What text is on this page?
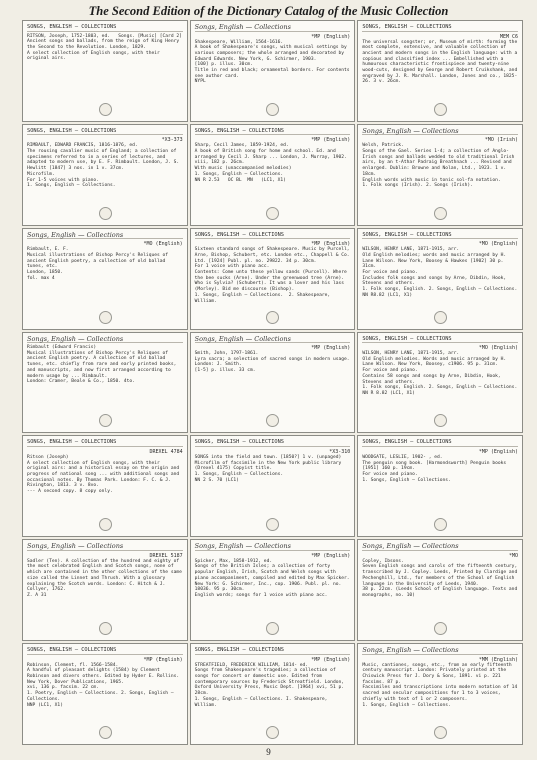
The Second Edition of the Dictionary Catalog of the Music Collection
SONGS, ENGLISH — COLLECTIONS
RITSON, Joseph, 1752-1803, ed.   Songs. [Music] [Card 2]
Ancient songs and ballads, from the reign of King Henry the Second to the Revolution. London, 1829.
A select collection of English songs, with their original airs.
Songs, English — Collections
*MP (English)
Shakespeare, William, 1564-1616.
A book of Shakespeare's songs, with musical settings by various composers; the whole arranged and decorated by Edward Edwards. New York, G. Schirmer, 1903.
[100] p. illus. 30cm.
Title in red and black; ornamental borders. For contents see author card.
NYPL
SONGS, ENGLISH — COLLECTIONS
MEM C6
The universal songster; or, Museum of mirth: forming the most complete, extensive, and valuable collection of ancient and modern songs in the English language: with a copious and classified index ... Embellished with a humourous characteristic frontispiece and twenty-nine wood-cuts, designed by George and Robert Cruikshank, and engraved by J. R. Marshall. London, Jones and co., 1825-26. 3 v. 26cm.
SONGS, ENGLISH — COLLECTIONS
*X3-373
RIMBAULT, EDWARD FRANCIS, 1816-1876, ed.
The rousing cavalier music of England; a collection of specimens referred to in a series of lectures, and adapted to modern use, by E. F. Rimbault. London, J. S. Hewlitt [1847] 3 nos. in 1 v. 37cm.
Microfilm.
For 1-5 voices with piano.
1. Songs, English — Collections.
SONGS, ENGLISH — COLLECTIONS
*MP (English)
Sharp, Cecil James, 1859-1924, ed.
A book of British song for home and school. Ed. and arranged by Cecil J. Sharp ... London, J. Murray, 1902. viii, 182 p. 26cm.
With music (unaccompanied melodies)
1. Songs, English — Collections.
NN R 2.53   OC BL  MN   (LC1, X1)
Songs, English — Collections
*MO (Irish)
Welsh, Patrick.
Songs of the Gael. Series 1-4; a collection of Anglo-Irish songs and ballads wedded to old traditional Irish airs, by an t-Athar Padraig Breathnach ... Revised and enlarged. Dublin: Browne and Nolan, Ltd., 1923. 1 v. 18cm.
English words with music in tonic sol-fa notation.
1. Folk songs (Irish). 2. Songs (Irish).
Songs, English — Collections
*MO (English)
Rimbault, E. F.
Musical illustrations of Bishop Percy's Reliques of ancient English poetry, a collection of old ballad tunes, etc.
London, 1850.
fol. max 4
SONGS, ENGLISH — COLLECTIONS
*MP (English)
Sixteen standard songs of Shakespeare. Music by Purcell, Arne, Bishop, Schubert, etc. London etc., Chappell & Co. Ltd. [1924] Publ. pl. no. 29822. 34 p. 30cm.
For 1 voice with piano acc.
Contents: Come unto these yellow sands (Purcell). Where the bee sucks (Arne). Under the greenwood tree (Arne). Who is Sylvia? (Schubert). It was a lover and his lass (Morley). Bid me discourse (Bishop).
1. Songs, English — Collections.  2. Shakespeare, William.
SONGS, ENGLISH — COLLECTIONS
*MO (English)
WILSON, HENRY LANE, 1871-1915, arr.
Old English melodies; words and music arranged by H. Lane Wilson. New York, Boosey & Hawkes [1902] 30 p. 31cm.
For voice and piano.
Includes folk songs and songs by Arne, Dibdin, Hook, Stevens and others.
1. Folk songs, English. 2. Songs, English — Collections.
NN R8.82 (LC1, X1)
Songs, English — Collections
Rimbault (Edward Francis)
Musical illustrations of Bishop Percy's Reliques of ancient English poetry. A collection of old ballad tunes, etc. chiefly from rare and early printed books, and manuscripts, and now first arranged according to modern usage by ... Rimbault.
London: Cramer, Beale & Co., 1850. 4to.
Songs, English — Collections
*MP (English)
Smith, John, 1797-1861.
Lyra sacra; a selection of sacred songs in modern usage. London: J. Smith.
[1-5] p. illus. 33 cm.
SONGS, ENGLISH — COLLECTIONS
*MO (English)
WILSON, HENRY LANE, 1871-1915, arr.
Old English melodies. Words and music arranged by H. Lane Wilson. New York, Boosey, c1906. 95 p. 31cm.
For voice and piano.
Contains 58 songs and songs by Arne, Dibdin, Hook, Stevens and others.
1. Folk songs, English. 2. Songs, English — Collections.
NN R 8.82 (LC1, X1)
SONGS, ENGLISH — COLLECTIONS
DREXEL 4784
Ritson (Joseph)
A select collection of English songs, with their original airs: and a historical essay on the origin and progress of national song ... with additional songs and occasional notes. By Thomas Park. London: F. C. & J. Rivington, 1813. 3 v. 8vo.
--- A second copy. 8 copy only.
SONGS, ENGLISH — COLLECTIONS
*X3-310
SONGS into the field and town. [1850?] 1 v. (unpaged)
Microfilm of facsimile in the New York public library (Drexel 4175) Copyist title.
1. Songs, English — Collections.
NN 2 S. 70 (LC1)
SONGS, ENGLISH — COLLECTIONS
*MP (English)
WOODGATE, LESLIE, 1902- , ed.
The penguin song book. [Harmondsworth] Penguin books [1951] 160 p. 19cm.
For voice and piano.
1. Songs, English — Collections.
Songs, English — Collections
DREXEL 5187
Sadler (Ten). A collection of the hundred and eighty of the most celebrated English and Scotch songs, none of which are contained in the other collections of the same size called the Linnet and Thrush. With a glossary explaining the Scotch words. London: C. Hitch & J. Collyer, 1762.
Z. A 31
Songs, English — Collections
*MP (English)
Spicker, Max, 1858-1912, ed.
Songs of the British Isles; a collection of forty popular English, Irish, Scotch and Welsh songs with piano accompaniment, compiled and edited by Max Spicker. New York: G. Schirmer, Inc., cop. 1906. Publ. pl. no. 18036. 95 p. 30cm.
English words; songs for 1 voice with piano acc.
Songs, English — Collections
*MO
Copley, Ibsons.
Seven English songs and carols of the fifteenth century, transcribed by J. Copley. Leeds, Printed by Clardige and Pechenghill, Ltd., for members of the School of English language in the University of Leeds, 1940.
38 p. 22cm. (Leeds School of English language. Texts and monographs, no. 10)
SONGS, ENGLISH — COLLECTIONS
*MP (English)
Robinson, Clement, fl. 1566-1584.
A handful of pleasant delights (1584) by Clement Robinson and divers others. Edited by Hyder E. Rollins. New York, Dover Publications, 1965.
xvi, 136 p. facsim. 22 cm.
1. Poetry, English — Collections. 2. Songs, English — Collections.
NNP (LC1, X1)
SONGS, ENGLISH — COLLECTIONS
*MP (English)
STREATFIELD, FREDERICK WILLIAM, 1814- ed.
Songs from Shakespeare's tragedies; a collection of songs for concert or domestic use. Edited from contemporary sources by Frederick Streatfield. London, Oxford University Press, Music Dept. [1964] xvi, 51 p. 28cm.
1. Songs, English — Collections. I. Shakespeare, William.
Songs, English — Collections
*MM (English)
Music, cantiones, songs, etc., from an early fifteenth century manuscript. London: Privately printed at the Chiswick Press for J. Dory & Sons, 1891. vi p. 221 facsims. 87 p.
Facsimiles and transcriptions into modern notation of 14 sacred and secular compositions for 1 to 3 voices, chiefly with text of 1 or 2 composers.
1. Songs, English — Collections.
9
